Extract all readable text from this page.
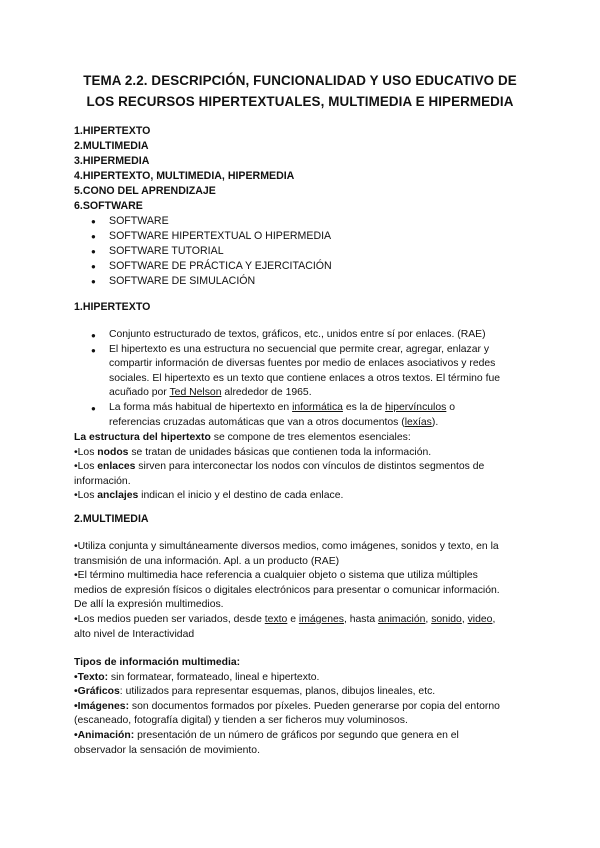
TEMA 2.2. DESCRIPCIÓN, FUNCIONALIDAD Y USO EDUCATIVO DE
LOS RECURSOS HIPERTEXTUALES, MULTIMEDIA E HIPERMEDIA
1.HIPERTEXTO
2.MULTIMEDIA
3.HIPERMEDIA
4.HIPERTEXTO, MULTIMEDIA, HIPERMEDIA
5.CONO DEL APRENDIZAJE
6.SOFTWARE
● SOFTWARE
● SOFTWARE HIPERTEXTUAL O HIPERMEDIA
● SOFTWARE TUTORIAL
● SOFTWARE DE PRÁCTICA Y EJERCITACIÓN
● SOFTWARE DE SIMULACIÓN
1.HIPERTEXTO
● Conjunto estructurado de textos, gráficos, etc., unidos entre sí por enlaces. (RAE)
● El hipertexto es una estructura no secuencial que permite crear, agregar, enlazar y
compartir información de diversas fuentes por medio de enlaces asociativos y redes
sociales. El hipertexto es un texto que contiene enlaces a otros textos. El término fue
acuñado por Ted Nelson alrededor de 1965.
● La forma más habitual de hipertexto en informática es la de hipervínculos o
referencias cruzadas automáticas que van a otros documentos (lexías).
La estructura del hipertexto se compone de tres elementos esenciales:
•Los nodos se tratan de unidades básicas que contienen toda la información.
•Los enlaces sirven para interconectar los nodos con vínculos de distintos segmentos de
información.
•Los anclajes indican el inicio y el destino de cada enlace.
2.MULTIMEDIA
•Utiliza conjunta y simultáneamente diversos medios, como imágenes, sonidos y texto, en la
transmisión de una información. Apl. a un producto (RAE)
•El término multimedia hace referencia a cualquier objeto o sistema que utiliza múltiples
medios de expresión físicos o digitales electrónicos para presentar o comunicar información.
De allí la expresión multimedios.
•Los medios pueden ser variados, desde texto e imágenes, hasta animación, sonido, video,
alto nivel de Interactividad
Tipos de información multimedia:
•Texto: sin formatear, formateado, lineal e hipertexto.
•Gráficos: utilizados para representar esquemas, planos, dibujos lineales, etc.
•Imágenes: son documentos formados por píxeles. Pueden generarse por copia del entorno
(escaneado, fotografía digital) y tienden a ser ficheros muy voluminosos.
•Animación: presentación de un número de gráficos por segundo que genera en el
observador la sensación de movimiento.
